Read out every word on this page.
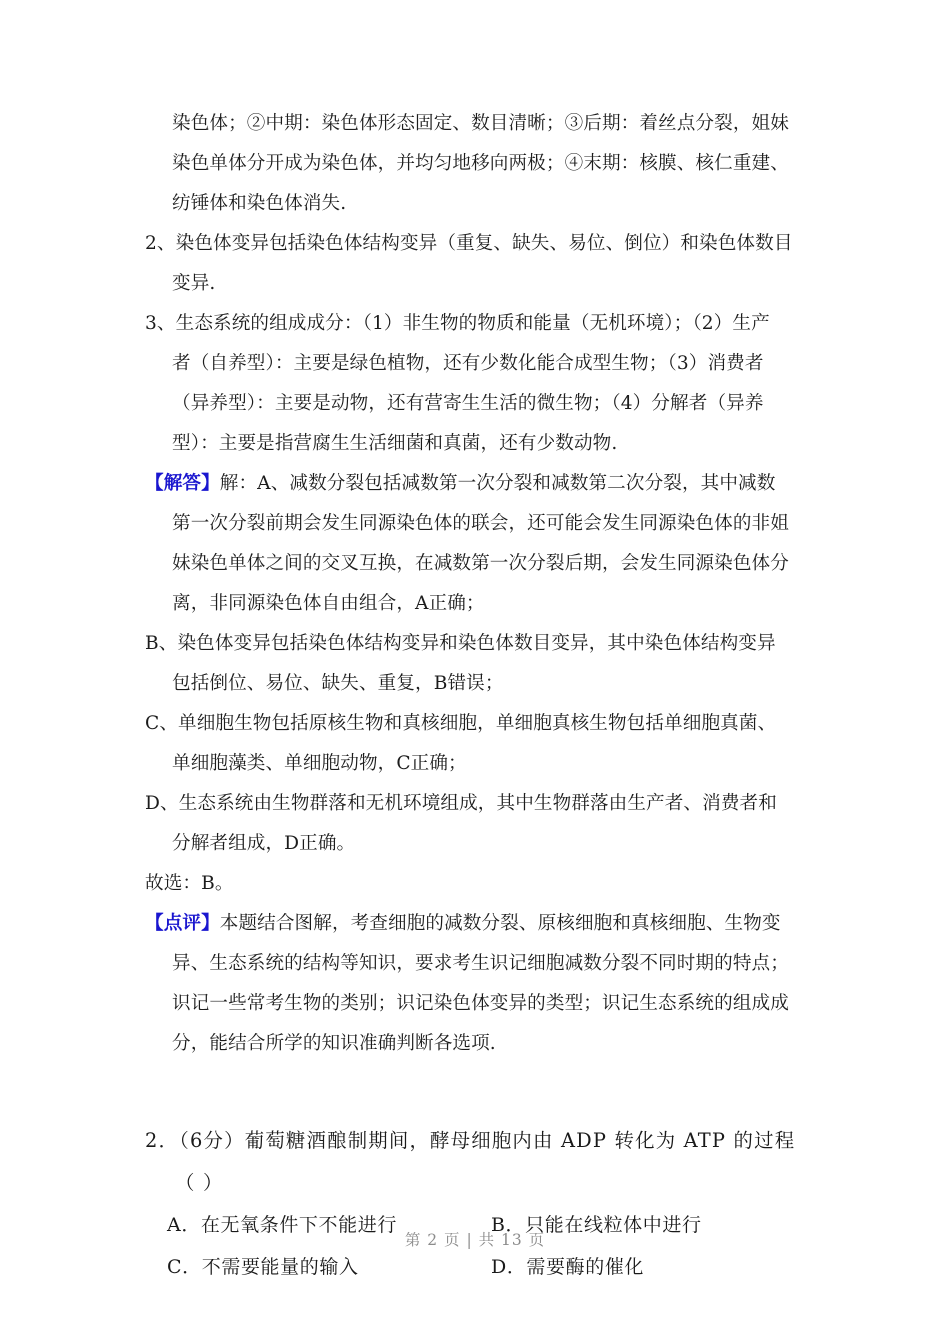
染色体；②中期：染色体形态固定、数目清晰；③后期：着丝点分裂，姐妹
染色单体分开成为染色体，并均匀地移向两极；④末期：核膜、核仁重建、
纺锤体和染色体消失.
2、染色体变异包括染色体结构变异（重复、缺失、易位、倒位）和染色体数目
变异.
3、生态系统的组成成分：（1）非生物的物质和能量（无机环境）；（2）生产
者（自养型）：主要是绿色植物，还有少数化能合成型生物；（3）消费者
（异养型）：主要是动物，还有营寄生生活的微生物；（4）分解者（异养
型）：主要是指营腐生生活细菌和真菌，还有少数动物.
【解答】解：A、减数分裂包括减数第一次分裂和减数第二次分裂，其中减数
第一次分裂前期会发生同源染色体的联会，还可能会发生同源染色体的非姐
妹染色单体之间的交叉互换，在减数第一次分裂后期，会发生同源染色体分
离，非同源染色体自由组合，A正确；
B、染色体变异包括染色体结构变异和染色体数目变异，其中染色体结构变异
包括倒位、易位、缺失、重复，B错误；
C、单细胞生物包括原核生物和真核细胞，单细胞真核生物包括单细胞真菌、
单细胞藻类、单细胞动物，C正确；
D、生态系统由生物群落和无机环境组成，其中生物群落由生产者、消费者和
分解者组成，D正确。
故选：B。
【点评】本题结合图解，考查细胞的减数分裂、原核细胞和真核细胞、生物变
异、生态系统的结构等知识，要求考生识记细胞减数分裂不同时期的特点；
识记一些常考生物的类别；识记染色体变异的类型；识记生态系统的组成成
分，能结合所学的知识准确判断各选项.
2．（6分）葡萄糖酒酿制期间，酵母细胞内由 ADP 转化为 ATP 的过程
（ ）
A．在无氧条件下不能进行	B．只能在线粒体中进行
C．不需要能量的输入	D．需要酶的催化
第 2 页 | 共 13 页
